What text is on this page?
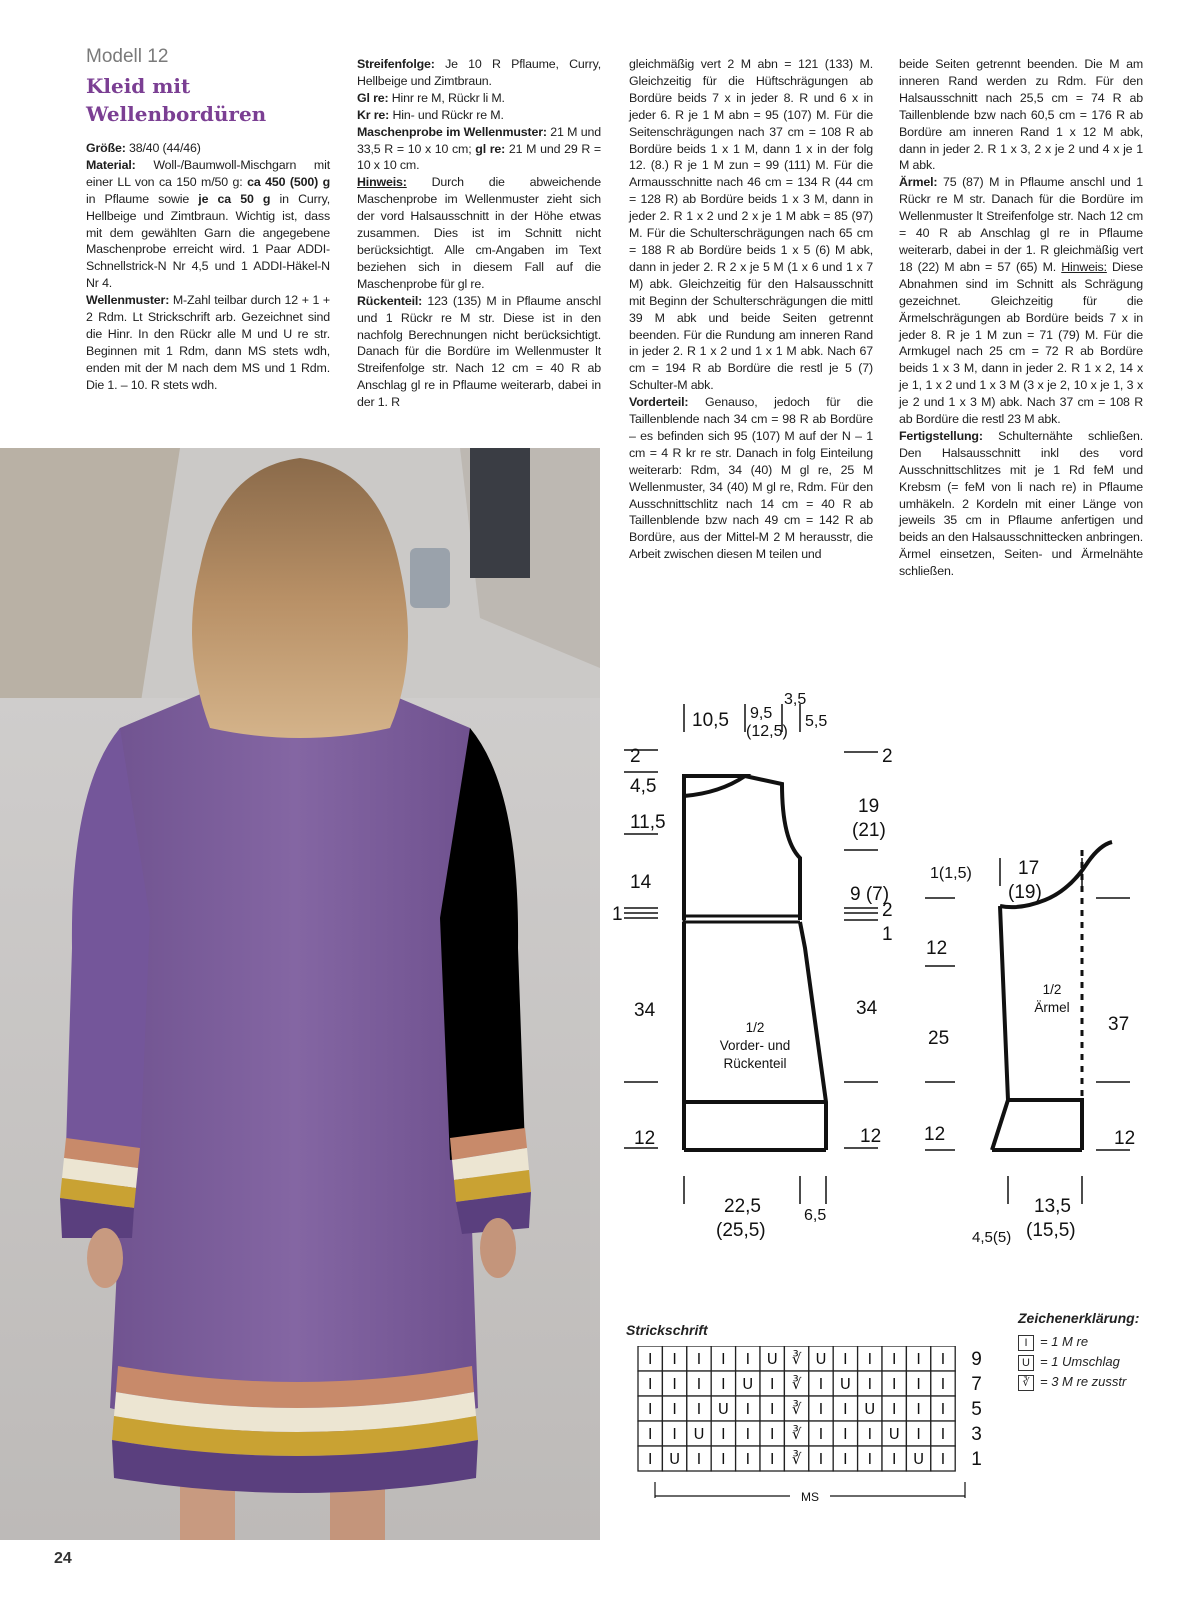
Modell 12
Kleid mit
Wellenbordüren

Größe: 38/40 (44/46)

Material: Woll-/Baumwoll-Mischgarn mit einer LL von ca 150 m/50 g: ca 450 (500) g in Pflaume sowie je ca 50 g in Curry, Hellbeige und Zimtbraun. Wichtig ist, dass mit dem gewählten Garn die angegebene Maschenprobe erreicht wird. 1 Paar ADDI-Schnellstrick-N Nr 4,5 und 1 ADDI-Häkel-N Nr 4.

Wellenmuster: M-Zahl teilbar durch 12 + 1 + 2 Rdm. Lt Strickschrift arb. Gezeichnet sind die Hinr. In den Rückr alle M und U re str. Beginnen mit 1 Rdm, dann MS stets wdh, enden mit der M nach dem MS und 1 Rdm. Die 1. – 10. R stets wdh.

Streifenfolge: Je 10 R Pflaume, Curry, Hellbeige und Zimtbraun.

Gl re: Hinr re M, Rückr li M.

Kr re: Hin- und Rückr re M.

Maschenprobe im Wellenmuster: 21 M und 33,5 R = 10 x 10 cm; gl re: 21 M und 29 R = 10 x 10 cm.

Hinweis: Durch die abweichende Maschenprobe im Wellenmuster zieht sich der vord Halsausschnitt in der Höhe etwas zusammen. Dies ist im Schnitt nicht berücksichtigt. Alle cm-Angaben im Text beziehen sich in diesem Fall auf die Maschenprobe für gl re.

Rückenteil: 123 (135) M in Pflaume anschl und 1 Rückr re M str. Diese ist in den nachfolg Berechnungen nicht berücksichtigt. Danach für die Bordüre im Wellenmuster lt Streifenfolge str. Nach 12 cm = 40 R ab Anschlag gl re in Pflaume weiterarb, dabei in der 1. R

gleichmäßig vert 2 M abn = 121 (133) M. Gleichzeitig für die Hüftschrägungen ab Bordüre beids 7 x in jeder 8. R und 6 x in jeder 6. R je 1 M abn = 95 (107) M. Für die Seitenschrägungen nach 37 cm = 108 R ab Bordüre beids 1 x 1 M, dann 1 x in der folg 12. (8.) R je 1 M zun = 99 (111) M. Für die Armausschnitte nach 46 cm = 134 R (44 cm = 128 R) ab Bordüre beids 1 x 3 M, dann in jeder 2. R 1 x 2 und 2 x je 1 M abk = 85 (97) M. Für die Schulterschrägungen nach 65 cm = 188 R ab Bordüre beids 1 x 5 (6) M abk, dann in jeder 2. R 2 x je 5 M (1 x 6 und 1 x 7 M) abk. Gleichzeitig für den Halsausschnitt mit Beginn der Schulterschrägungen die mittl 39 M abk und beide Seiten getrennt beenden. Für die Rundung am inneren Rand in jeder 2. R 1 x 2 und 1 x 1 M abk. Nach 67 cm = 194 R ab Bordüre die restl je 5 (7) Schulter-M abk.

Vorderteil: Genauso, jedoch für die Taillenblende nach 34 cm = 98 R ab Bordüre – es befinden sich 95 (107) M auf der N – 1 cm = 4 R kr re str. Danach in folg Einteilung weiterarb: Rdm, 34 (40) M gl re, 25 M Wellenmuster, 34 (40) M gl re, Rdm. Für den Ausschnittschlitz nach 14 cm = 40 R ab Taillenblende bzw nach 49 cm = 142 R ab Bordüre, aus der Mittel-M 2 M herausstr, die Arbeit zwischen diesen M teilen und

beide Seiten getrennt beenden. Die M am inneren Rand werden zu Rdm. Für den Halsausschnitt nach 25,5 cm = 74 R ab Taillenblende bzw nach 60,5 cm = 176 R ab Bordüre am inneren Rand 1 x 12 M abk, dann in jeder 2. R 1 x 3, 2 x je 2 und 4 x je 1 M abk.

Ärmel: 75 (87) M in Pflaume anschl und 1 Rückr re M str. Danach für die Bordüre im Wellenmuster lt Streifenfolge str. Nach 12 cm = 40 R ab Anschlag gl re in Pflaume weiterarb, dabei in der 1. R gleichmäßig vert 18 (22) M abn = 57 (65) M. Hinweis: Diese Abnahmen sind im Schnitt als Schrägung gezeichnet. Gleichzeitig für die Ärmelschrägungen ab Bordüre beids 7 x in jeder 8. R je 1 M zun = 71 (79) M. Für die Armkugel nach 25 cm = 72 R ab Bordüre beids 1 x 3 M, dann in jeder 2. R 1 x 2, 14 x je 1, 1 x 2 und 1 x 3 M (3 x je 2, 10 x je 1, 3 x je 2 und 1 x 3 M) abk. Nach 37 cm = 108 R ab Bordüre die restl 23 M abk.

Fertigstellung: Schulternähte schließen. Den Halsausschnitt inkl des vord Ausschnittschlitzes mit je 1 Rd feM und Krebsm (= feM von li nach re) in Pflaume umhäkeln. 2 Kordeln mit einer Länge von jeweils 35 cm in Pflaume anfertigen und beids an den Halsausschnittecken anbringen. Ärmel einsetzen, Seiten- und Ärmelnähte schließen.

10,5 9,5
(12,5)
3,5
5,5
2
4,5
11,5
14
1
34
12
2
19
(21)
9 (7)
2
1
34
12
22,5
(25,5)
6,5
1(1,5) 17
(19)
12
25
12
37
12
13,5
(15,5)
4,5(5)
1/2
Vorder- und
Rückenteil
1/2
Ärmel
Strickschrift
I I I I I U ∛ U I I I I I 9
I I I I U I ∛ I U I I I I 7
I I I U I I ∛ I I U I I I 5
I I U I I I ∛ I I I U I I 3
I U I I I I ∛ I I I I U I 1
MS
Zeichenerklärung:
I = 1 M re
U = 1 Umschlag
∛ = 3 M re zusstr
24
